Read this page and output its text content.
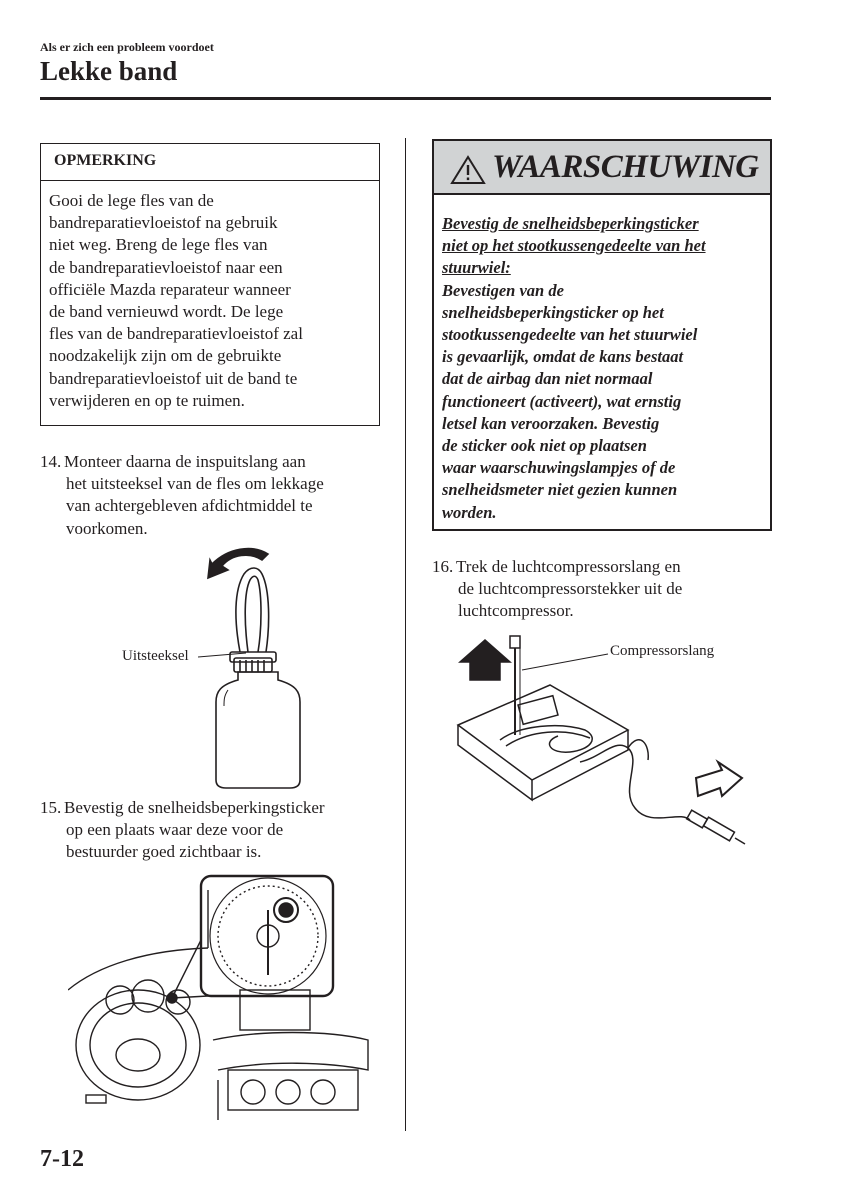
Als er zich een probleem voordoet
Lekke band
OPMERKING
Gooi de lege fles van de
bandreparatievloeistof na gebruik
niet weg. Breng de lege fles van
de bandreparatievloeistof naar een
officiële Mazda reparateur wanneer
de band vernieuwd wordt. De lege
fles van de bandreparatievloeistof zal
noodzakelijk zijn om de gebruikte
bandreparatievloeistof uit de band te
verwijderen en op te ruimen.
14. Monteer daarna de inspuitslang aan
het uitsteeksel van de fles om lekkage
van achtergebleven afdichtmiddel te
voorkomen.
Uitsteeksel
15. Bevestig de snelheidsbeperkingsticker
op een plaats waar deze voor de
bestuurder goed zichtbaar is.
WAARSCHUWING
Bevestig de snelheidsbeperkingsticker
niet op het stootkussengedeelte van het
stuurwiel:
Bevestigen van de
snelheidsbeperkingsticker op het
stootkussengedeelte van het stuurwiel
is gevaarlijk, omdat de kans bestaat
dat de airbag dan niet normaal
functioneert (activeert), wat ernstig
letsel kan veroorzaken. Bevestig
de sticker ook niet op plaatsen
waar waarschuwingslampjes of de
snelheidsmeter niet gezien kunnen
worden.
16. Trek de luchtcompressorslang en
de luchtcompressorstekker uit de
luchtcompressor.
Compressorslang
7-12
